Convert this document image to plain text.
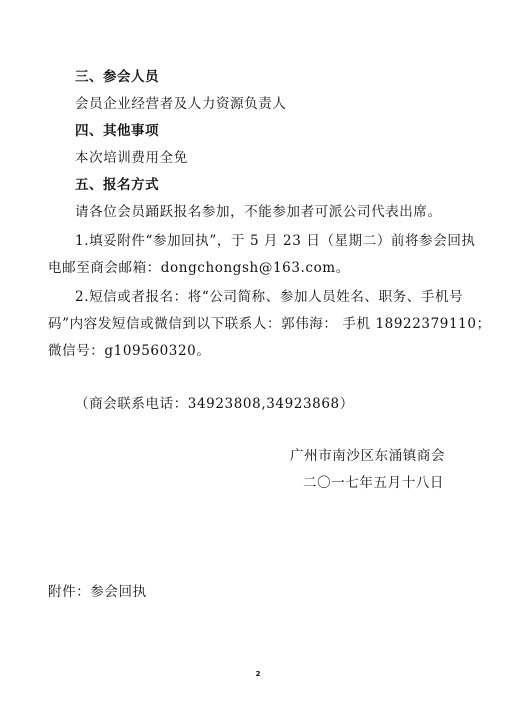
三、参会人员
会员企业经营者及人力资源负责人
四、其他事项
本次培训费用全免
五、报名方式
请各位会员踊跃报名参加，不能参加者可派公司代表出席。
1.填妥附件“参加回执”，于 5 月 23 日（星期二）前将参会回执
电邮至商会邮箱：dongchongsh@163.com。
2.短信或者报名：将“公司简称、参加人员姓名、职务、手机号
码”内容发短信或微信到以下联系人：郭伟海： 手机 18922379110；
微信号：g109560320。
（商会联系电话：34923808,34923868）
广州市南沙区东涌镇商会
二〇一七年五月十八日
附件：参会回执
2
